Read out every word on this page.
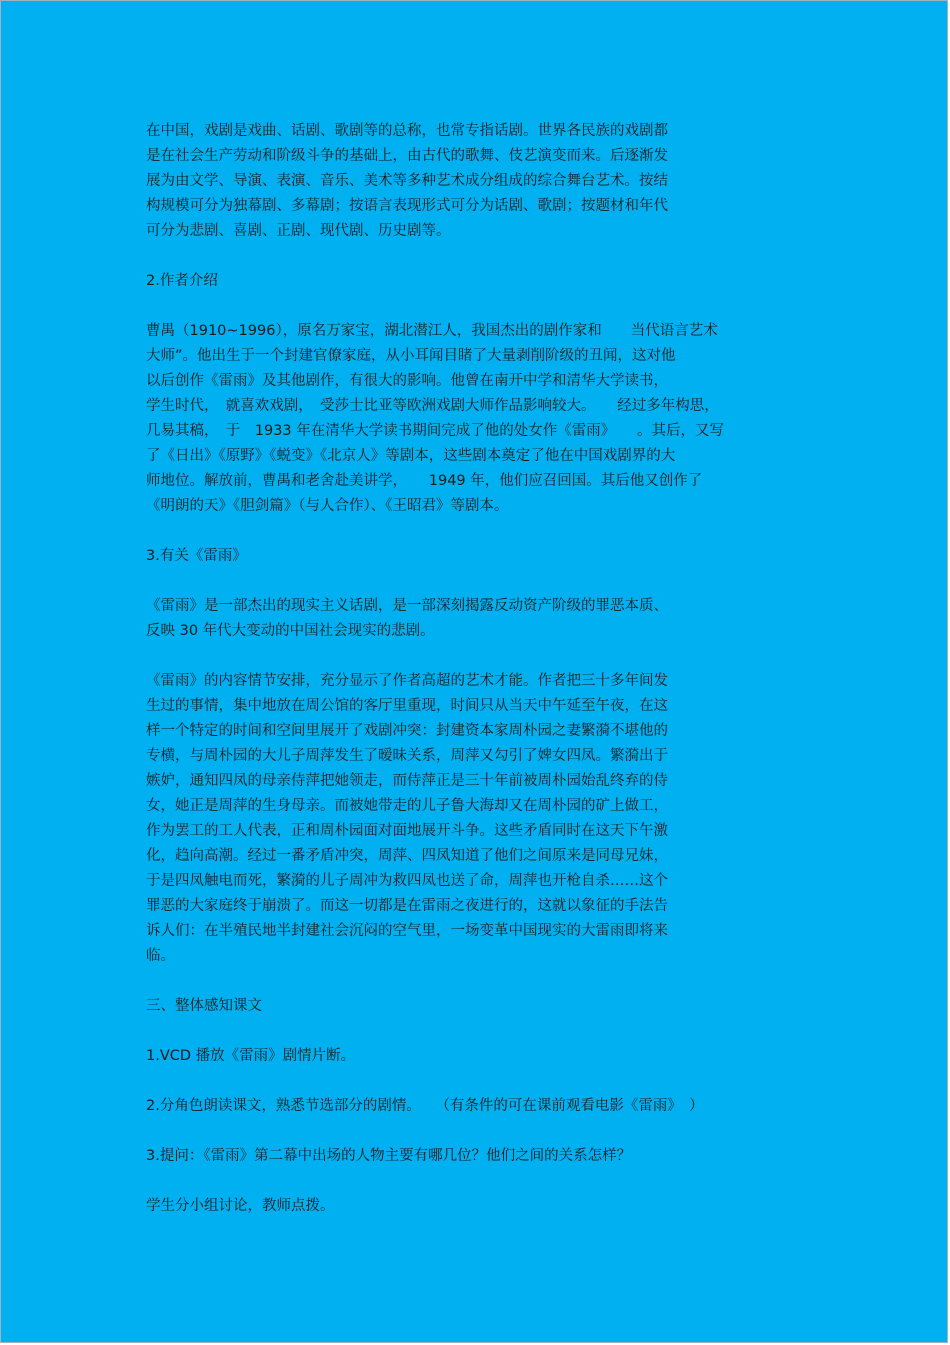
在中国，戏剧是戏曲、话剧、歌剧等的总称，也常专指话剧。世界各民族的戏剧都
是在社会生产劳动和阶级斗争的基础上，由古代的歌舞、伎艺演变而来。后逐渐发
展为由文学、导演、表演、音乐、美术等多种艺术成分组成的综合舞台艺术。按结
构规模可分为独幕剧、多幕剧；按语言表现形式可分为话剧、歌剧；按题材和年代
可分为悲剧、喜剧、正剧、现代剧、历史剧等。
2.作者介绍
曹禺（1910~1996），原名万家宝，湖北潜江人，我国杰出的剧作家和　　当代语言艺术
大师”。他出生于一个封建官僚家庭，从小耳闻目睹了大量剥削阶级的丑闻，这对他
以后创作《雷雨》及其他剧作，有很大的影响。他曾在南开中学和清华大学读书，
学生时代，　就喜欢戏剧，　受莎士比亚等欧洲戏剧大师作品影响较大。　　经过多年构思，
几易其稿，　于　1933 年在清华大学读书期间完成了他的处女作《雷雨》　　。其后，又写
了《日出》《原野》《蜕变》《北京人》等剧本，这些剧本奠定了他在中国戏剧界的大
师地位。解放前，曹禺和老舍赴美讲学，　　1949 年，他们应召回国。其后他又创作了
《明朗的天》《胆剑篇》（与人合作）、《王昭君》等剧本。
3.有关《雷雨》
《雷雨》是一部杰出的现实主义话剧，是一部深刻揭露反动资产阶级的罪恶本质、
反映 30 年代大变动的中国社会现实的悲剧。
《雷雨》的内容情节安排，充分显示了作者高超的艺术才能。作者把三十多年间发
生过的事情，集中地放在周公馆的客厅里重现，时间只从当天中午延至午夜，在这
样一个特定的时间和空间里展开了戏剧冲突：封建资本家周朴园之妻繁漪不堪他的
专横，与周朴园的大儿子周萍发生了暧昧关系，周萍又勾引了婢女四凤。繁漪出于
嫉妒，通知四凤的母亲侍萍把她领走，而侍萍正是三十年前被周朴园始乱终弃的侍
女，她正是周萍的生身母亲。而被她带走的儿子鲁大海却又在周朴园的矿上做工，
作为罢工的工人代表，正和周朴园面对面地展开斗争。这些矛盾同时在这天下午激
化，趋向高潮。经过一番矛盾冲突，周萍、四凤知道了他们之间原来是同母兄妹，
于是四凤触电而死，繁漪的儿子周冲为救四凤也送了命，周萍也开枪自杀……这个
罪恶的大家庭终于崩溃了。而这一切都是在雷雨之夜进行的，这就以象征的手法告
诉人们：在半殖民地半封建社会沉闷的空气里，一场变革中国现实的大雷雨即将来
临。
三、整体感知课文
1.VCD 播放《雷雨》剧情片断。
2.分角色朗读课文，熟悉节选部分的剧情。　　（有条件的可在课前观看电影《雷雨》　）
3.提问：《雷雨》第二幕中出场的人物主要有哪几位？他们之间的关系怎样？
学生分小组讨论，教师点拨。
